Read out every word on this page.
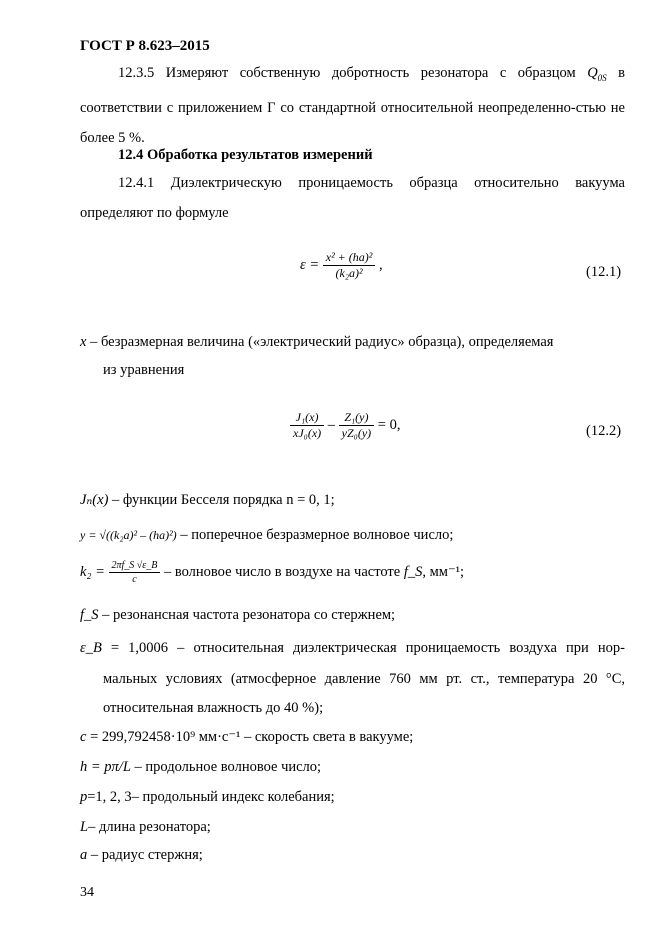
ГОСТ Р 8.623–2015
12.3.5 Измеряют собственную добротность резонатора с образцом $Q_{0S}$ в соответствии с приложением Г со стандартной относительной неопределенно-стью не более 5 %.
12.4 Обработка результатов измерений
12.4.1 Диэлектрическую проницаемость образца относительно вакуума определяют по формуле
$\varepsilon = \frac{\text{x² + (ha)²}}{\text{(k₂a)²}}$ ,	(12.1)
x – безразмерная величина («электрический радиус» образца), определяемая
из уравнения
$\frac{\text{J₁(x)}}{\text{xJ₀(x)}} - \frac{\text{Z₁(y)}}{\text{yZ₀(y)}} = 0$,	(12.2)
Jₙ(x) – функции Бесселя порядка n = 0, 1;
y = √((k₂a)² – (ha)²) – поперечное безразмерное волновое число;
$k_2 = \frac{2\pi f\_S √\varepsilon\_B}{c}$ – волновое число в воздухе на частоте f_S, мм⁻¹;
f_S – резонансная частота резонатора со стержнем;
ε_B = 1,0006 – относительная диэлектрическая проницаемость воздуха при нор-
мальных условиях (атмосферное давление 760 мм рт. ст., температура 20 °С,
относительная влажность до 40 %);
c = 299,792458·10⁹ мм·с⁻¹ – скорость света в вакууме;
h = pπ/L – продольное волновое число;
p=1, 2, 3– продольный индекс колебания;
L– длина резонатора;
a – радиус стержня;
34
